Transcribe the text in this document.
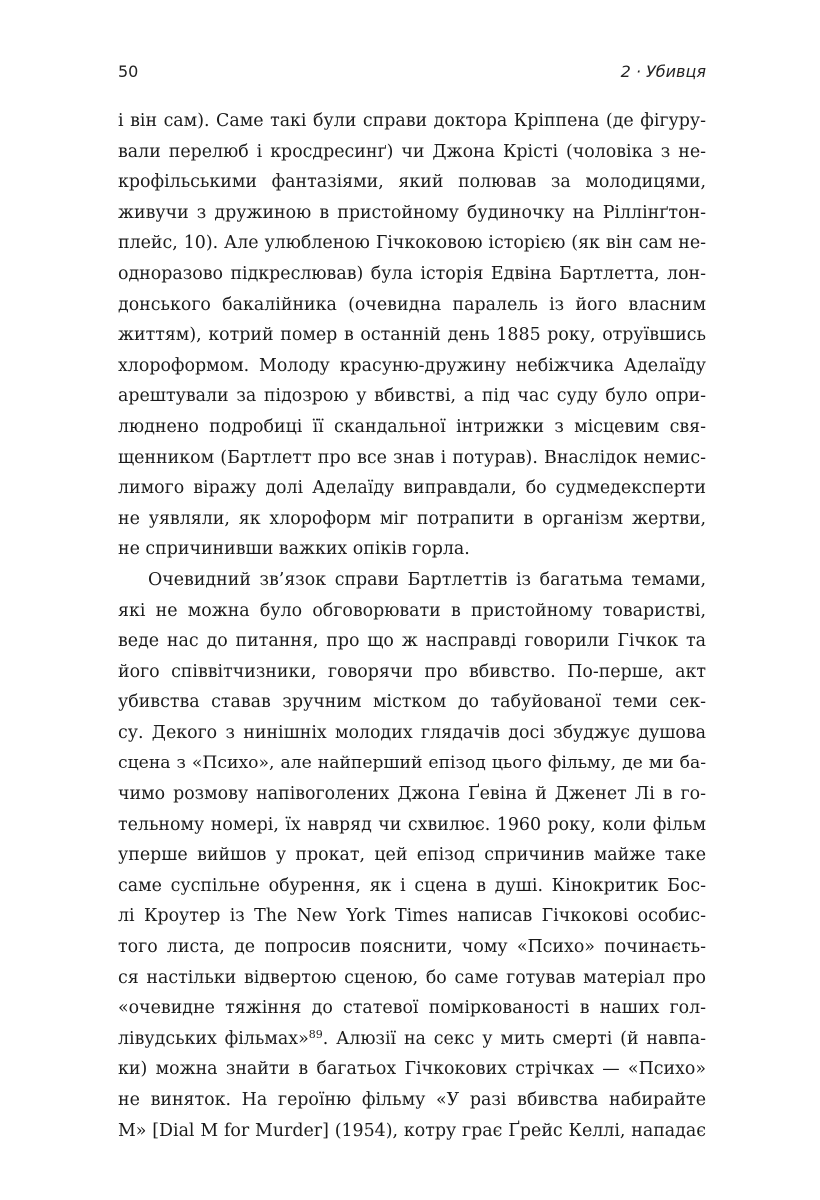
50	2 · Убивця
і він сам). Саме такі були справи доктора Кріппена (де фігуру-
вали перелюб і кросдресинґ) чи Джона Крісті (чоловіка з не-
крофільськими фантазіями, який полював за молодицями,
живучи з дружиною в пристойному будиночку на Ріллінґтон-
плейс, 10). Але улюбленою Гічкоковою історією (як він сам не-
одноразово підкреслював) була історія Едвіна Бартлетта, лон-
донського бакалійника (очевидна паралель із його власним
життям), котрий помер в останній день 1885 року, отруївшись
хлороформом. Молоду красуню-дружину небіжчика Аделаїду
арештували за підозрою у вбивстві, а під час суду було опри-
люднено подробиці її скандальної інтрижки з місцевим свя-
щенником (Бартлетт про все знав і потурав). Внаслідок немис-
лимого віражу долі Аделаїду виправдали, бо судмедексперти
не уявляли, як хлороформ міг потрапити в організм жертви,
не спричинивши важких опіків горла.
Очевидний зв’язок справи Бартлеттів із багатьма темами,
які не можна було обговорювати в пристойному товаристві,
веде нас до питання, про що ж насправді говорили Гічкок та
його співвітчизники, говорячи про вбивство. По-перше, акт
убивства ставав зручним містком до табуйованої теми сек-
су. Декого з нинішніх молодих глядачів досі збуджує душова
сцена з «Психо», але найперший епізод цього фільму, де ми ба-
чимо розмову напівоголених Джона Ґевіна й Дженет Лі в го-
тельному номері, їх навряд чи схвилює. 1960 року, коли фільм
уперше вийшов у прокат, цей епізод спричинив майже таке
саме суспільне обурення, як і сцена в душі. Кінокритик Бос-
лі Кроутер із The New York Times написав Гічкокові особис-
того листа, де попросив пояснити, чому «Психо» починаєть-
ся настільки відвертою сценою, бо саме готував матеріал про
«очевидне тяжіння до статевої поміркованості в наших гол-
лівудських фільмах»$^{89}$. Алюзії на секс у мить смерті (й навпа-
ки) можна знайти в багатьох Гічкокових стрічках — «Психо»
не виняток. На героїню фільму «У разі вбивства набирайте
M» [Dial M for Murder] (1954), котру грає Ґрейс Келлі, нападає
